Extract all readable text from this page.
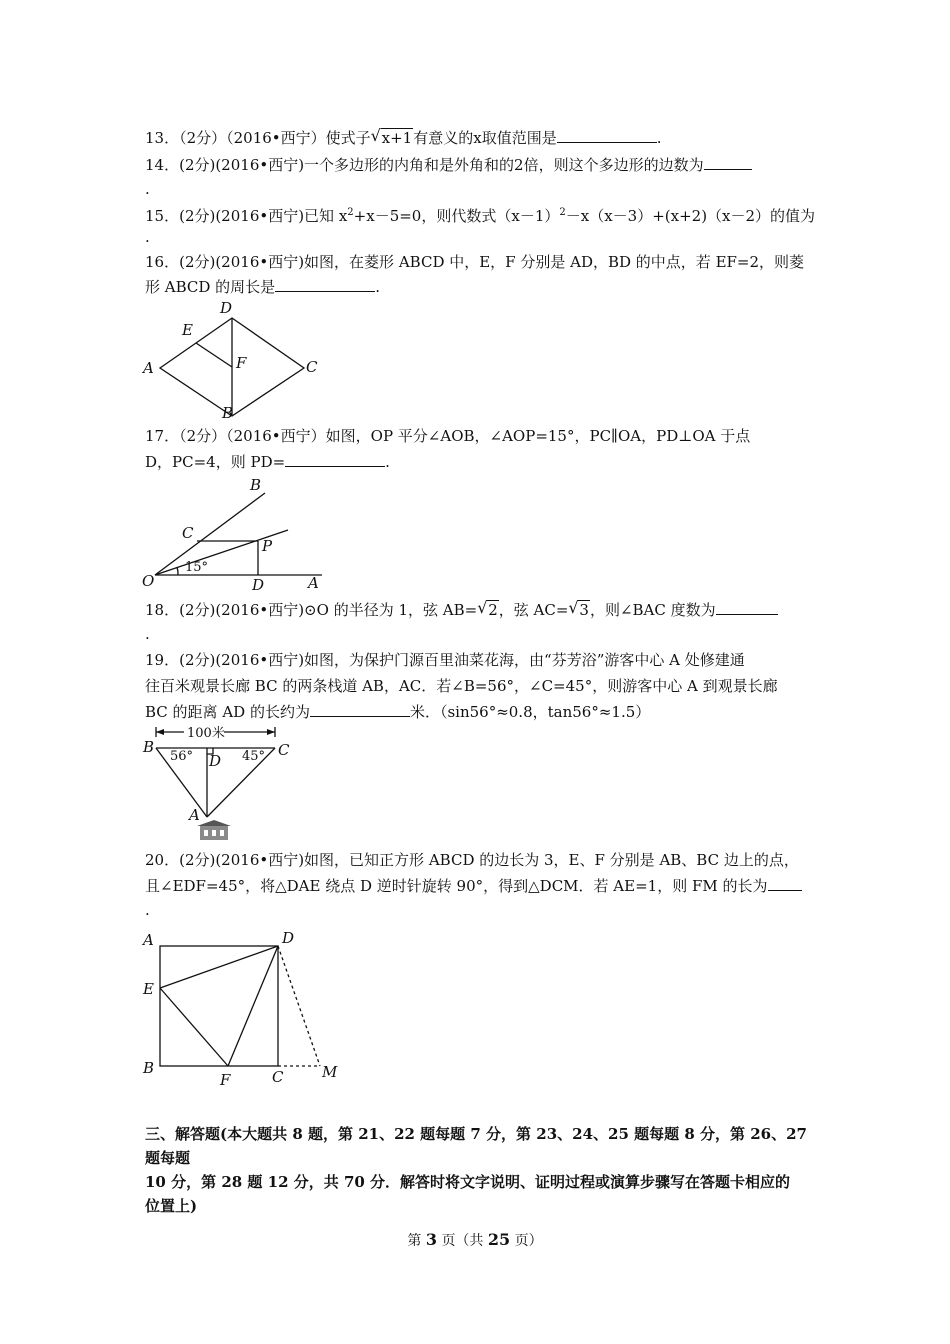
13．（2分）（2016•西宁）使式子 √ x+1有意义的x取值范围是	.
14．(2分)(2016•西宁)一个多边形的内角和是外角和的2倍，则这个多边形的边数为
.
15．(2分)(2016•西宁)已知 $x^2+x-5=0$，则代数式$(x-1)^2-x(x-3)+(x+2)(x-2)$的值为
.
16．(2分)(2016•西宁)如图，在菱形 ABCD 中，E，F 分别是 AD，BD 的中点，若 EF=2，则菱
形 ABCD 的周长是	.
A
D
C
B
E
F
17．（2分）（2016•西宁）如图，OP 平分∠AOB，∠AOP=15°，PC∥OA，PD⊥OA 于点
D，PC=4，则 PD=	.
O	A
B
C
P
D
15°
18．(2分)(2016•西宁)⊙O 的半径为 1，弦 AB= √ 2，弦 AC= √ 3，则∠BAC 度数为
.
19．(2分)(2016•西宁)如图，为保护门源百里油菜花海，由“芬芳浴”游客中心 A 处修建通
往百米观景长廊 BC 的两条栈道 AB，AC．若∠B=56°，∠C=45°，则游客中心 A 到观景长廊
BC 的距离 AD 的长约为	米．（sin56°≈0.8，tan56°≈1.5）
100米
B	C
D
A
56°	45°
20．(2分)(2016•西宁)如图，已知正方形 ABCD 的边长为 3，E、F 分别是 AB、BC 边上的点，
且∠EDF=45°，将△DAE 绕点 D 逆时针旋转 90°，得到△DCM．若 AE=1，则 FM 的长为
.
A	D
E
B
F	C	M
三、解答题(本大题共 8 题，第 21、22 题每题 7 分，第 23、24、25 题每题 8 分，第 26、27 题每题
10 分，第 28 题 12 分，共 70 分．解答时将文字说明、证明过程或演算步骤写在答题卡相应的
位置上)
第 3 页（共 25 页）
